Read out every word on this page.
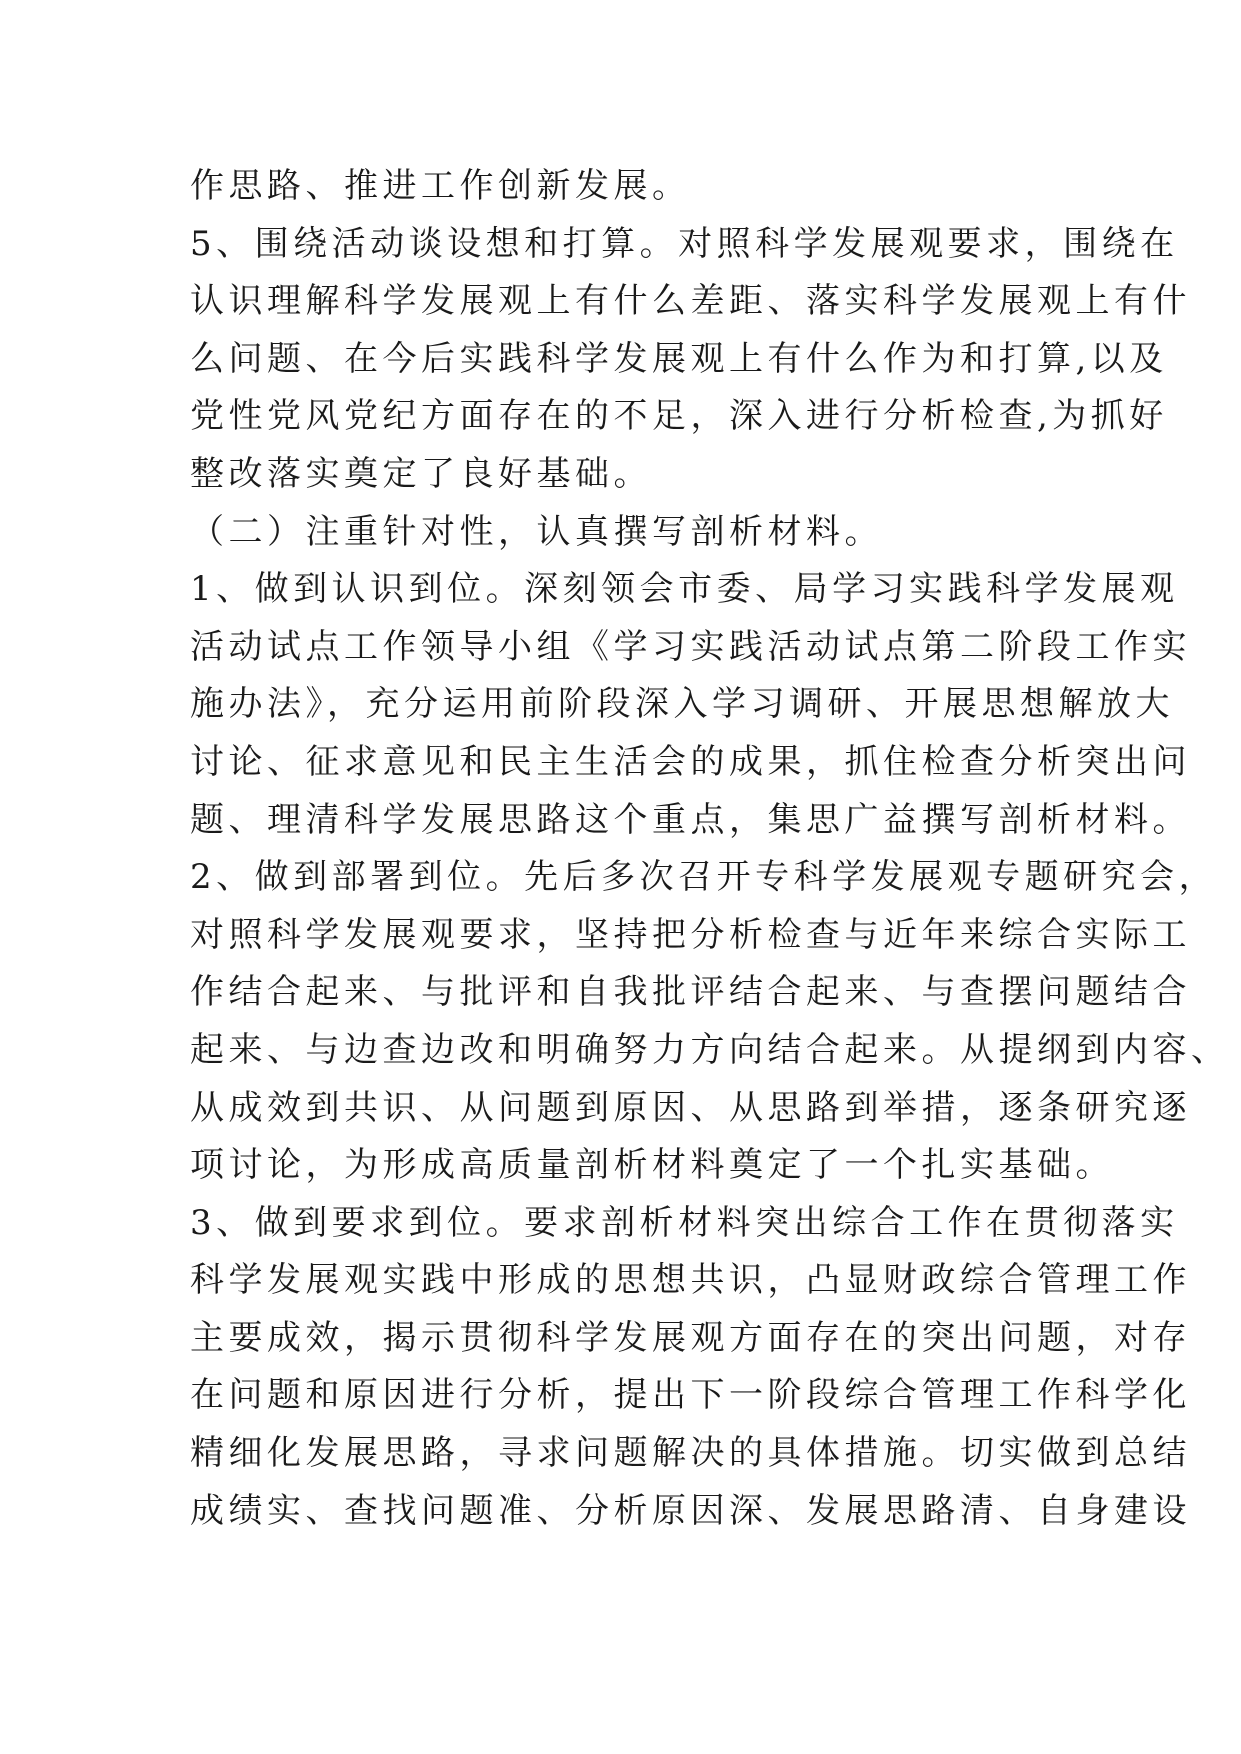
作思路、推进工作创新发展。
5、围绕活动谈设想和打算。对照科学发展观要求，围绕在
认识理解科学发展观上有什么差距、落实科学发展观上有什
么问题、在今后实践科学发展观上有什么作为和打算,以及
党性党风党纪方面存在的不足，深入进行分析检查,为抓好
整改落实奠定了良好基础。
（二）注重针对性，认真撰写剖析材料。
1、做到认识到位。深刻领会市委、局学习实践科学发展观
活动试点工作领导小组《学习实践活动试点第二阶段工作实
施办法》，充分运用前阶段深入学习调研、开展思想解放大
讨论、征求意见和民主生活会的成果，抓住检查分析突出问
题、理清科学发展思路这个重点，集思广益撰写剖析材料。
2、做到部署到位。先后多次召开专科学发展观专题研究会，
对照科学发展观要求，坚持把分析检查与近年来综合实际工
作结合起来、与批评和自我批评结合起来、与查摆问题结合
起来、与边查边改和明确努力方向结合起来。从提纲到内容、
从成效到共识、从问题到原因、从思路到举措，逐条研究逐
项讨论，为形成高质量剖析材料奠定了一个扎实基础。
3、做到要求到位。要求剖析材料突出综合工作在贯彻落实
科学发展观实践中形成的思想共识，凸显财政综合管理工作
主要成效，揭示贯彻科学发展观方面存在的突出问题，对存
在问题和原因进行分析，提出下一阶段综合管理工作科学化
精细化发展思路，寻求问题解决的具体措施。切实做到总结
成绩实、查找问题准、分析原因深、发展思路清、自身建设
